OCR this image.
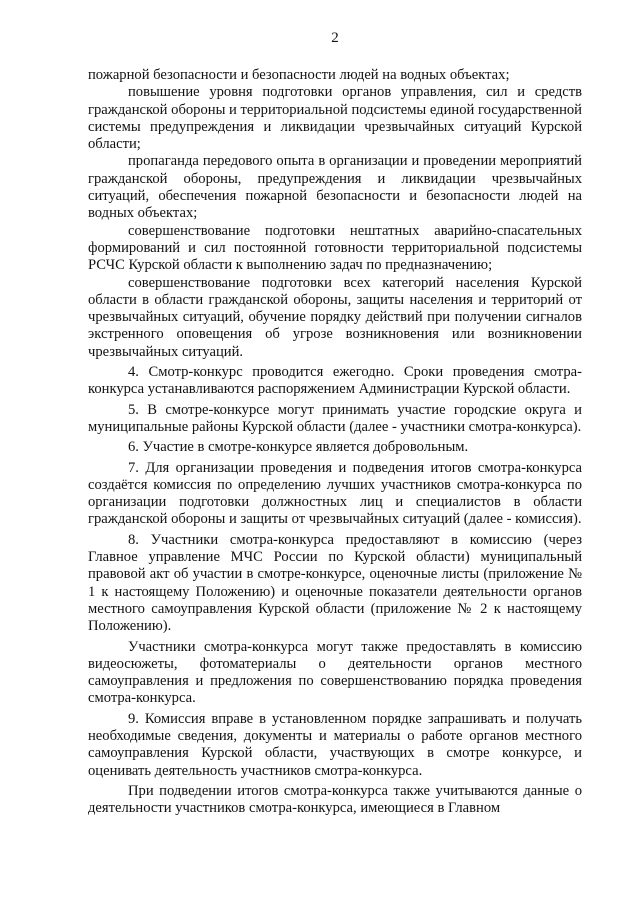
2

пожарной безопасности и безопасности людей на водных объектах;

повышение уровня подготовки органов управления, сил и средств гражданской обороны и территориальной подсистемы единой государственной системы предупреждения и ликвидации чрезвычайных ситуаций Курской области;

пропаганда передового опыта в организации и проведении мероприятий гражданской обороны, предупреждения и ликвидации чрезвычайных ситуаций, обеспечения пожарной безопасности и безопасности людей на водных объектах;

совершенствование подготовки нештатных аварийно-спасательных формирований и сил постоянной готовности территориальной подсистемы РСЧС Курской области к выполнению задач по предназначению;

совершенствование подготовки всех категорий населения Курской области в области гражданской обороны, защиты населения и территорий от чрезвычайных ситуаций, обучение порядку действий при получении сигналов экстренного оповещения об угрозе возникновения или возникновении чрезвычайных ситуаций.

4. Смотр-конкурс проводится ежегодно. Сроки проведения смотра-конкурса устанавливаются распоряжением Администрации Курской области.

5. В смотре-конкурсе могут принимать участие городские округа и муниципальные районы Курской области (далее - участники смотра-конкурса).

6. Участие в смотре-конкурсе является добровольным.

7. Для организации проведения и подведения итогов смотра-конкурса создаётся комиссия по определению лучших участников смотра-конкурса по организации подготовки должностных лиц и специалистов в области гражданской обороны и защиты от чрезвычайных ситуаций (далее - комиссия).

8. Участники смотра-конкурса предоставляют в комиссию (через Главное управление МЧС России по Курской области) муниципальный правовой акт об участии в смотре-конкурсе, оценочные листы (приложение № 1 к настоящему Положению) и оценочные показатели деятельности органов местного самоуправления Курской области (приложение № 2 к настоящему Положению).

Участники смотра-конкурса могут также предоставлять в комиссию видеосюжеты, фотоматериалы о деятельности органов местного самоуправления и предложения по совершенствованию порядка проведения смотра-конкурса.

9. Комиссия вправе в установленном порядке запрашивать и получать необходимые сведения, документы и материалы о работе органов местного самоуправления Курской области, участвующих в смотре конкурсе, и оценивать деятельность участников смотра-конкурса.

При подведении итогов смотра-конкурса также учитываются данные о деятельности участников смотра-конкурса, имеющиеся в Главном
